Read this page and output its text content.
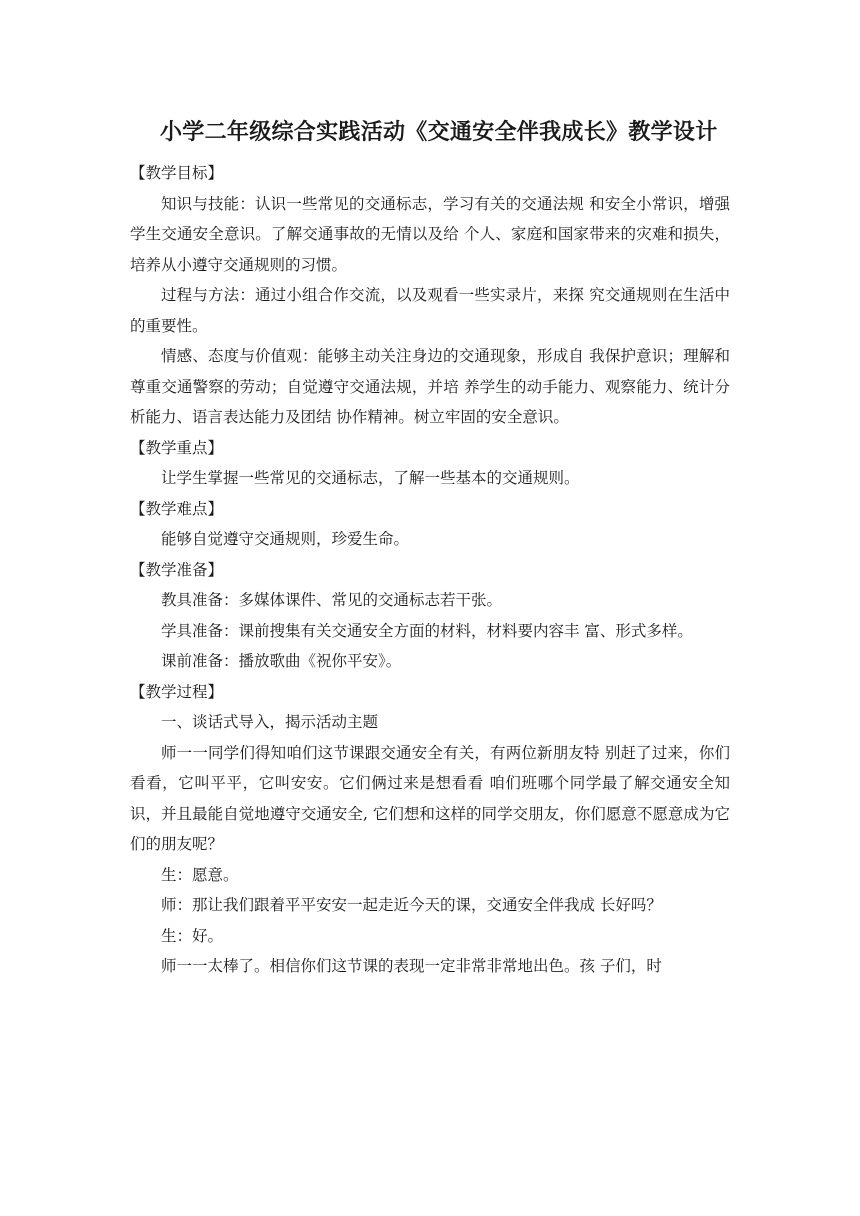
小学二年级综合实践活动《交通安全伴我成长》教学设计

【教学目标】

知识与技能：认识一些常见的交通标志，学习有关的交通法规 和安全小常识，增强学生交通安全意识。了解交通事故的无情以及给 个人、家庭和国家带来的灾难和损失，培养从小遵守交通规则的习惯。

过程与方法：通过小组合作交流，以及观看一些实录片，来探 究交通规则在生活中的重要性。

情感、态度与价值观：能够主动关注身边的交通现象，形成自 我保护意识；理解和尊重交通警察的劳动；自觉遵守交通法规，并培 养学生的动手能力、观察能力、统计分析能力、语言表达能力及团结 协作精神。树立牢固的安全意识。

【教学重点】

让学生掌握一些常见的交通标志，了解一些基本的交通规则。

【教学难点】

能够自觉遵守交通规则，珍爱生命。

【教学准备】

教具准备：多媒体课件、常见的交通标志若干张。

学具准备：课前搜集有关交通安全方面的材料，材料要内容丰 富、形式多样。

课前准备：播放歌曲《祝你平安》。

【教学过程】

一、谈话式导入，揭示活动主题

师一一同学们得知咱们这节课跟交通安全有关，有两位新朋友特 别赶了过来，你们看看，它叫平平，它叫安安。它们俩过来是想看看 咱们班哪个同学最了解交通安全知识，并且最能自觉地遵守交通安全, 它们想和这样的同学交朋友，你们愿意不愿意成为它们的朋友呢？

生：愿意。

师：那让我们跟着平平安安一起走近今天的课，交通安全伴我成 长好吗？

生：好。

师一一太棒了。相信你们这节课的表现一定非常非常地出色。孩 子们，时
